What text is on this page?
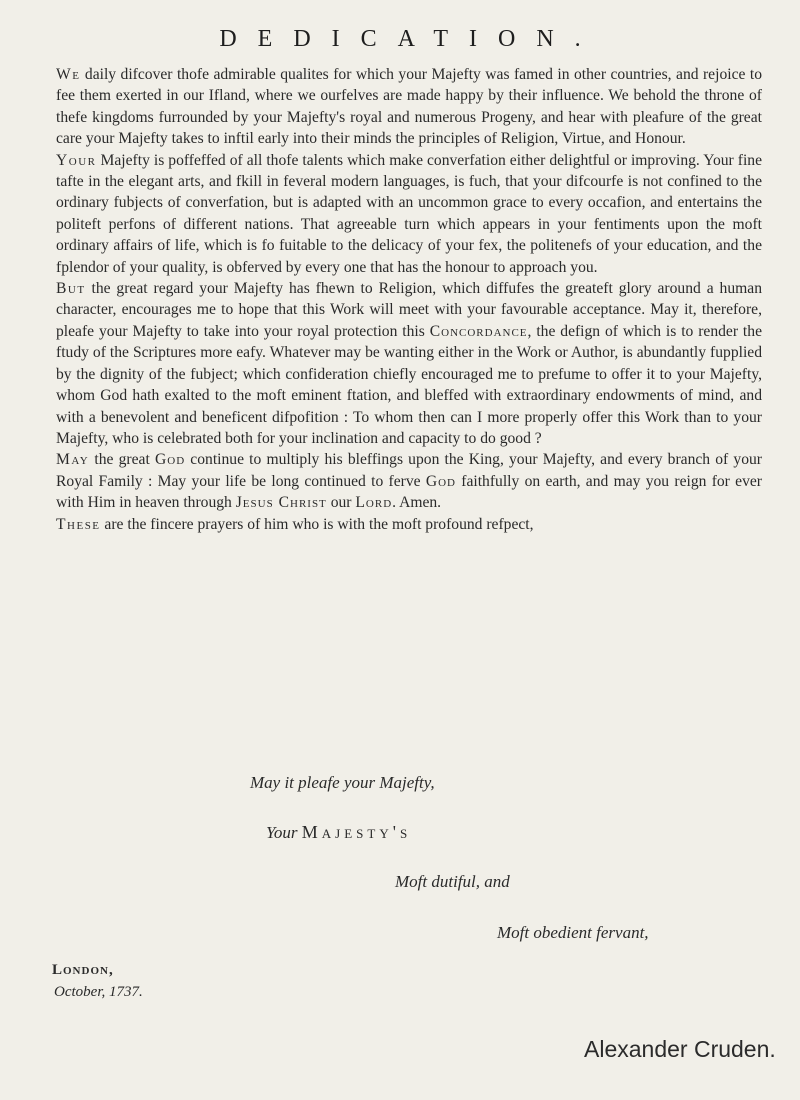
DEDICATION.

We daily difcover thofe admirable qualites for which your Majefty was famed in other countries, and rejoice to fee them exerted in our Ifland, where we ourfelves are made happy by their influence. We behold the throne of thefe kingdoms furrounded by your Majefty's royal and numerous Progeny, and hear with pleafure of the great care your Majefty takes to inftil early into their minds the principles of Religion, Virtue, and Honour.

Your Majefty is poffeffed of all thofe talents which make converfation either delightful or improving. Your fine tafte in the elegant arts, and fkill in feveral modern languages, is fuch, that your difcourfe is not confined to the ordinary fubjects of converfation, but is adapted with an uncommon grace to every occafion, and entertains the politeft perfons of different nations. That agreeable turn which appears in your fentiments upon the moft ordinary affairs of life, which is fo fuitable to the delicacy of your fex, the politenefs of your education, and the fplendor of your quality, is obferved by every one that has the honour to approach you.

But the great regard your Majefty has fhewn to Religion, which diffufes the greateft glory around a human character, encourages me to hope that this Work will meet with your favourable acceptance. May it, therefore, pleafe your Majefty to take into your royal protection this Concordance, the defign of which is to render the ftudy of the Scriptures more eafy. Whatever may be wanting either in the Work or Author, is abundantly fupplied by the dignity of the fubject; which confideration chiefly encouraged me to prefume to offer it to your Majefty, whom God hath exalted to the moft eminent ftation, and bleffed with extraordinary endowments of mind, and with a benevolent and beneficent difpofition : To whom then can I more properly offer this Work than to your Majefty, who is celebrated both for your inclination and capacity to do good ?

May the great God continue to multiply his bleffings upon the King, your Majefty, and every branch of your Royal Family : May your life be long continued to ferve God faithfully on earth, and may you reign for ever with Him in heaven through Jesus Christ our Lord. Amen.

These are the fincere prayers of him who is with the moft profound refpect,

May it pleafe your Majefty,
Your Majesty's
Moft dutiful, and
Moft obedient fervant,
London,
October, 1737.
Alexander Cruden.
